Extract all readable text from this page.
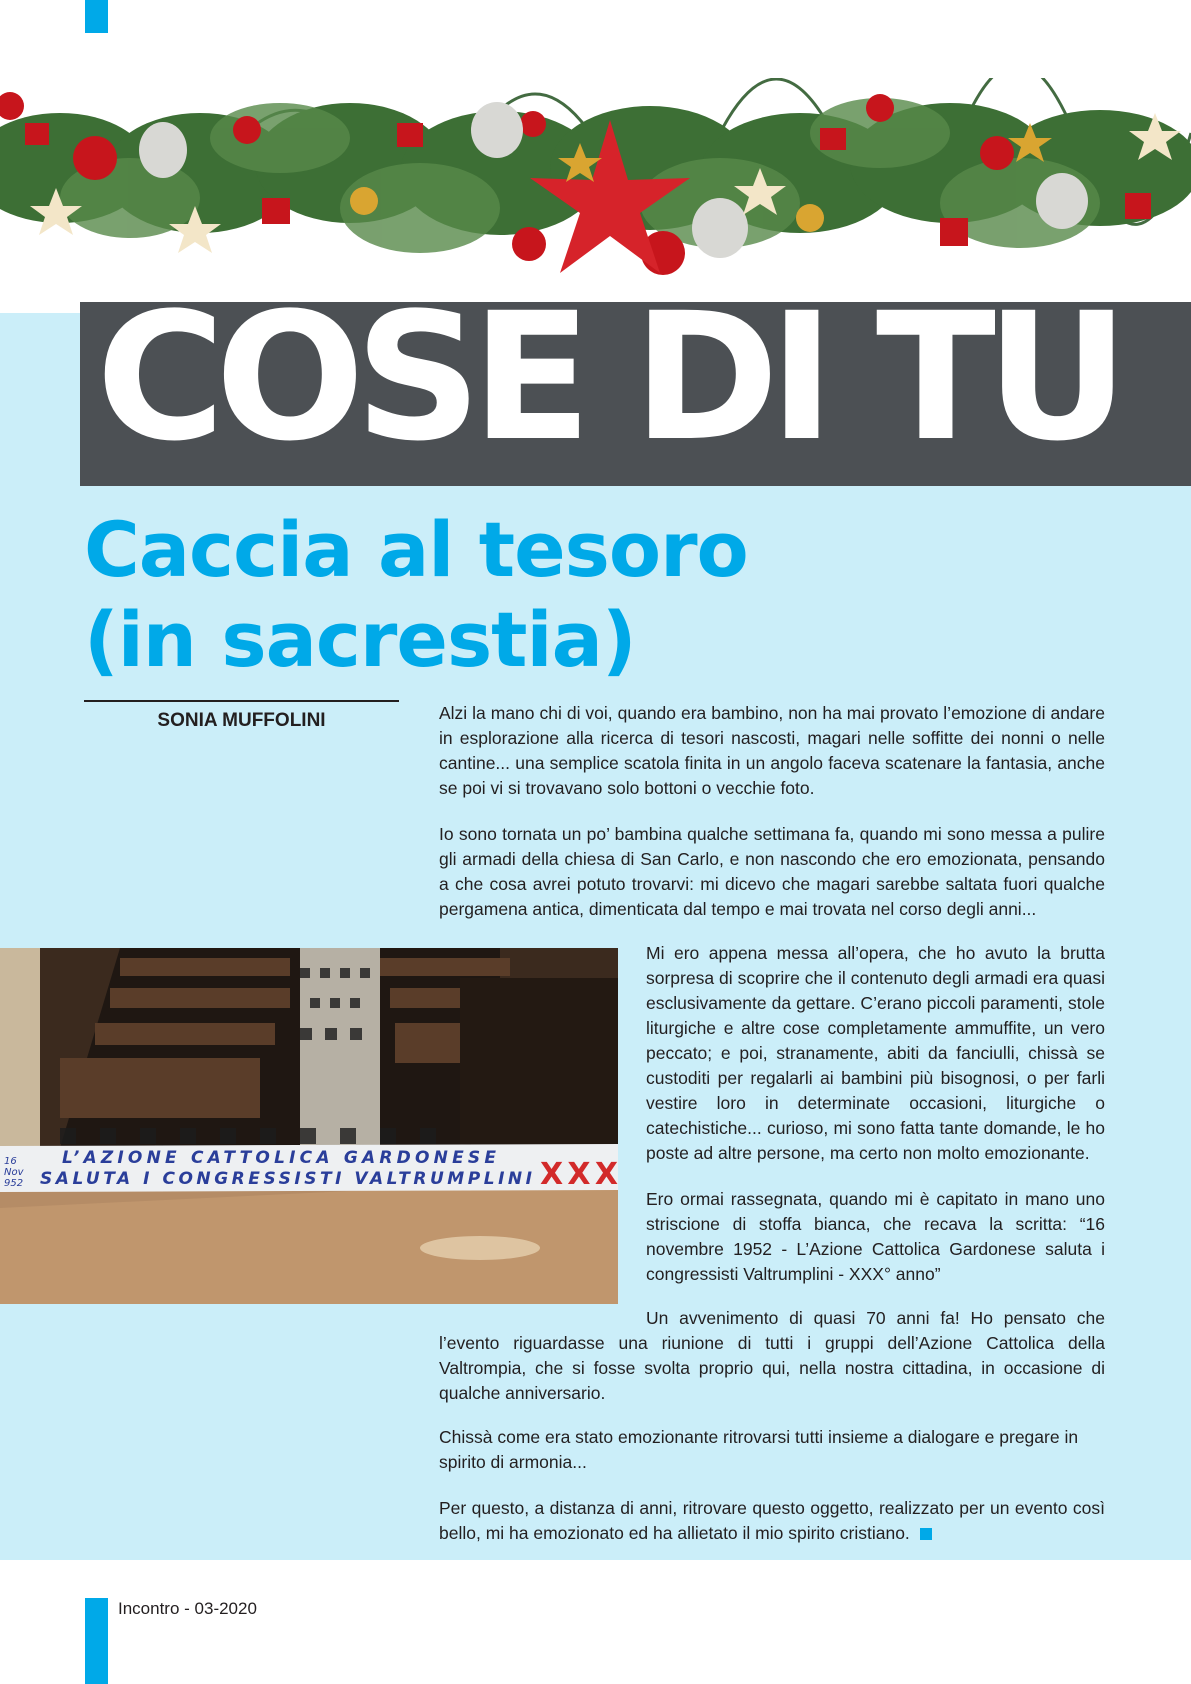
COSE DI TU
Caccia al tesoro
(in sacrestia)
SONIA MUFFOLINI	Alzi la mano chi di voi, quando era bambino, non ha mai provato l’emozione di andare in esplorazione alla ricerca di tesori nascosti, magari nelle soffitte dei nonni o nelle cantine... una semplice scatola finita in un angolo faceva scatenare la fantasia, anche se poi vi si trovavano solo bottoni o vecchie foto.

Io sono tornata un po’ bambina qualche settimana fa, quando mi sono messa a pulire gli armadi della chiesa di San Carlo, e non nascondo che ero emozionata, pensando a che cosa avrei potuto trovarvi: mi dicevo che magari sarebbe saltata fuori qualche pergamena antica, dimenticata dal tempo e mai trovata nel corso degli anni...

16
Nov
952
L’AZIONE CATTOLICA GARDONESE
SALUTA I CONGRESSISTI VALTRUMPLINI XXX

Mi ero appena messa all’opera, che ho avuto la brutta sorpresa di scoprire che il contenuto degli armadi era quasi esclusivamente da gettare. C’erano piccoli paramenti, stole liturgiche e altre cose completamente ammuffite, un vero peccato; e poi, stranamente, abiti da fanciulli, chissà se custoditi per regalarli ai bambini più bisognosi, o per farli vestire loro in determinate occasioni, liturgiche o catechistiche... curioso, mi sono fatta tante domande, le ho poste ad altre persone, ma certo non molto emozionante.

Ero ormai rassegnata, quando mi è capitato in mano uno striscione di stoffa bianca, che recava la scritta: “16 novembre 1952 - L’Azione Cattolica Gardonese saluta i congressisti Valtrumplini - XXX° anno”

Un avvenimento di quasi 70 anni fa! Ho pensato che l’evento riguardasse una riunione di tutti i gruppi dell’Azione Cattolica della Valtrompia, che si fosse svolta proprio qui, nella nostra cittadina, in occasione di qualche anniversario.

Chissà come era stato emozionante ritrovarsi tutti insieme a dialogare e pregare in spirito di armonia...

Per questo, a distanza di anni, ritrovare questo oggetto, realizzato per un evento così bello, mi ha emozionato ed ha allietato il mio spirito cristiano.

Incontro - 03-2020
